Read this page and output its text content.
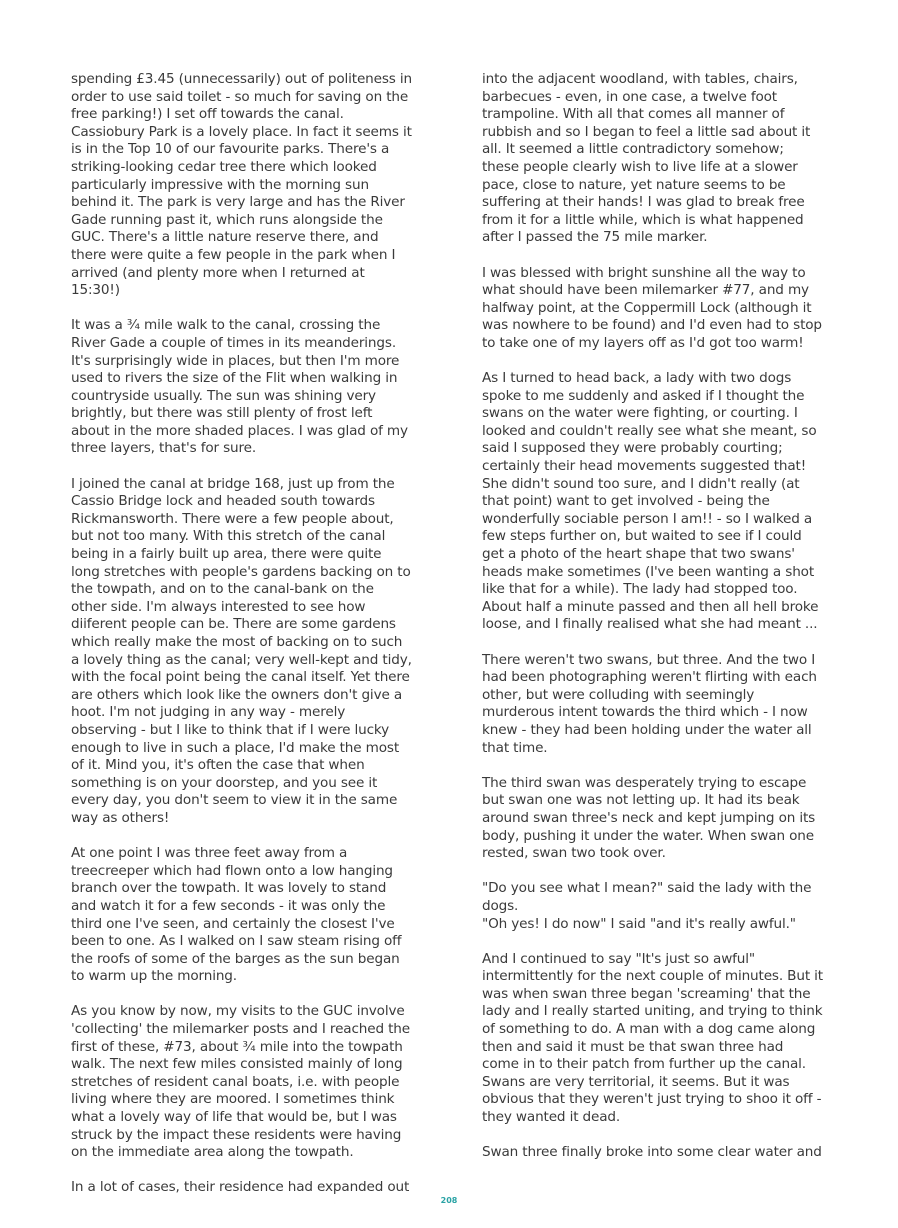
spending £3.45 (unnecessarily) out of politeness in order to use said toilet - so much for saving on the free parking!) I set off towards the canal. Cassiobury Park is a lovely place. In fact it seems it is in the Top 10 of our favourite parks. There's a striking-looking cedar tree there which looked particularly impressive with the morning sun behind it. The park is very large and has the River Gade running past it, which runs alongside the GUC. There's a little nature reserve there, and there were quite a few people in the park when I arrived (and plenty more when I returned at 15:30!)

It was a ¾ mile walk to the canal, crossing the River Gade a couple of times in its meanderings. It's surprisingly wide in places, but then I'm more used to rivers the size of the Flit when walking in countryside usually. The sun was shining very brightly, but there was still plenty of frost left about in the more shaded places. I was glad of my three layers, that's for sure.

I joined the canal at bridge 168, just up from the Cassio Bridge lock and headed south towards Rickmansworth. There were a few people about, but not too many. With this stretch of the canal being in a fairly built up area, there were quite long stretches with people's gardens backing on to the towpath, and on to the canal-bank on the other side. I'm always interested to see how diiferent people can be. There are some gardens which really make the most of backing on to such a lovely thing as the canal; very well-kept and tidy, with the focal point being the canal itself. Yet there are others which look like the owners don't give a hoot. I'm not judging in any way - merely observing - but I like to think that if I were lucky enough to live in such a place, I'd make the most of it. Mind you, it's often the case that when something is on your doorstep, and you see it every day, you don't seem to view it in the same way as others!

At one point I was three feet away from a treecreeper which had flown onto a low hanging branch over the towpath. It was lovely to stand and watch it for a few seconds - it was only the third one I've seen, and certainly the closest I've been to one. As I walked on I saw steam rising off the roofs of some of the barges as the sun began to warm up the morning.

As you know by now, my visits to the GUC involve 'collecting' the milemarker posts and I reached the first of these, #73, about ¾ mile into the towpath walk. The next few miles consisted mainly of long stretches of resident canal boats, i.e. with people living where they are moored. I sometimes think what a lovely way of life that would be, but I was struck by the impact these residents were having on the immediate area along the towpath.

In a lot of cases, their residence had expanded out

into the adjacent woodland, with tables, chairs, barbecues - even, in one case, a twelve foot trampoline. With all that comes all manner of rubbish and so I began to feel a little sad about it all. It seemed a little contradictory somehow; these people clearly wish to live life at a slower pace, close to nature, yet nature seems to be suffering at their hands! I was glad to break free from it for a little while, which is what happened after I passed the 75 mile marker.

I was blessed with bright sunshine all the way to what should have been milemarker #77, and my halfway point, at the Coppermill Lock (although it was nowhere to be found) and I'd even had to stop to take one of my layers off as I'd got too warm!

As I turned to head back, a lady with two dogs spoke to me suddenly and asked if I thought the swans on the water were fighting, or courting. I looked and couldn't really see what she meant, so said I supposed they were probably courting; certainly their head movements suggested that! She didn't sound too sure, and I didn't really (at that point) want to get involved - being the wonderfully sociable person I am!! - so I walked a few steps further on, but waited to see if I could get a photo of the heart shape that two swans' heads make sometimes (I've been wanting a shot like that for a while). The lady had stopped too. About half a minute passed and then all hell broke loose, and I finally realised what she had meant ...

There weren't two swans, but three. And the two I had been photographing weren't flirting with each other, but were colluding with seemingly murderous intent towards the third which - I now knew - they had been holding under the water all that time.

The third swan was desperately trying to escape but swan one was not letting up. It had its beak around swan three's neck and kept jumping on its body, pushing it under the water. When swan one rested, swan two took over.

"Do you see what I mean?" said the lady with the dogs.

"Oh yes! I do now" I said "and it's really awful."

And I continued to say "It's just so awful" intermittently for the next couple of minutes. But it was when swan three began 'screaming' that the lady and I really started uniting, and trying to think of something to do. A man with a dog came along then and said it must be that swan three had come in to their patch from further up the canal. Swans are very territorial, it seems. But it was obvious that they weren't just trying to shoo it off - they wanted it dead.

Swan three finally broke into some clear water and

208
